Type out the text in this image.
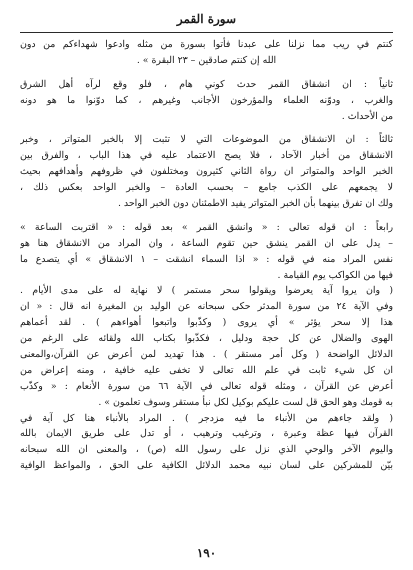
سورة القمر
كنتم في ريب مما نزلنا على عبدنا فأتوا بسورة من مثله وادعوا شهداءكم من دون
الله إن كنتم صادقين – ٢٣ البقرة » .
ثانياً : ان انشقاق القمر حدث كوني هام ، فلو وقع لرآه أهل الشرق
والغرب ، ودوّنه العلماء والمؤرخون الأجانب وغيرهم ، كما دوّنوا ما هو دونه
من الأحداث .
ثالثاً : ان الانشقاق من الموضوعات التي لا تثبت إلا بالخبر المتواتر ، وخبر
الانشقاق من أخبار الآحاد ، فلا يصح الاعتماد عليه في هذا الباب ، والفرق بين
الخبر الواحد والمتواتر ان رواة الثاني كثيرون ومختلفون في ظروفهم وأهدافهم بحيث
لا يجمعهم على الكذب جامع – بحسب العادة – والخبر الواحد بعكس ذلك ،
ولك ان تفرق بينهما بأن الخبر المتواتر يفيد الاطمئنان دون الخبر الواحد .
رابعاً : ان قوله تعالى : « وانشق القمر » بعد قوله : « اقتربت الساعة »
– يدل على ان القمر ينشق حين تقوم الساعة ، وان المراد من الانشقاق هنا هو
نفس المراد منه في قوله : « اذا السماء انشقت – ١ الانشقاق » أي يتصدع ما
فيها من الكواكب يوم القيامة .
( وان يروا آية يعرضوا ويقولوا سحر مستمر ) لا نهاية له على مدى الأيام .
وفي الآية ٢٤ من سورة المدثر حكى سبحانه عن الوليد بن المغيرة انه قال : « ان
هذا إلا سحر يؤثر » أي يروى ( وكذّبوا واتبعوا أهواءهم ) . لقد أعماهم
الهوى والضلال عن كل حجة ودليل ، فكذّبوا بكتاب الله ولقائه على الرغم من
الدلائل الواضحة ( وكل أمر مستقر ) . هذا تهديد لمن أعرض عن القرآن،والمعنى
ان كل شيء ثابت في علم الله تعالى لا تخفى عليه خافية ، ومنه إعراض من
أعرض عن القرآن ، ومثله قوله تعالى في الآية ٦٦ من سورة الأنعام : « وكذّب
به قومك وهو الحق قل لست عليكم بوكيل لكل نبأ مستقر وسوف تعلمون » .
( ولقد جاءهم من الأنباء ما فيه مزدجر ) . المراد بالأنباء هنا كل آية في
القرآن فيها عظة وعبرة ، وترغيب وترهيب ، أو تدل على طريق الايمان بالله
واليوم الآخر والوحي الذي نزل على رسول الله (ص) ، والمعنى ان الله سبحانه
بيّن للمشركين على لسان نبيه محمد الدلائل الكافية على الحق ، والمواعظ الوافية
١٩٠
